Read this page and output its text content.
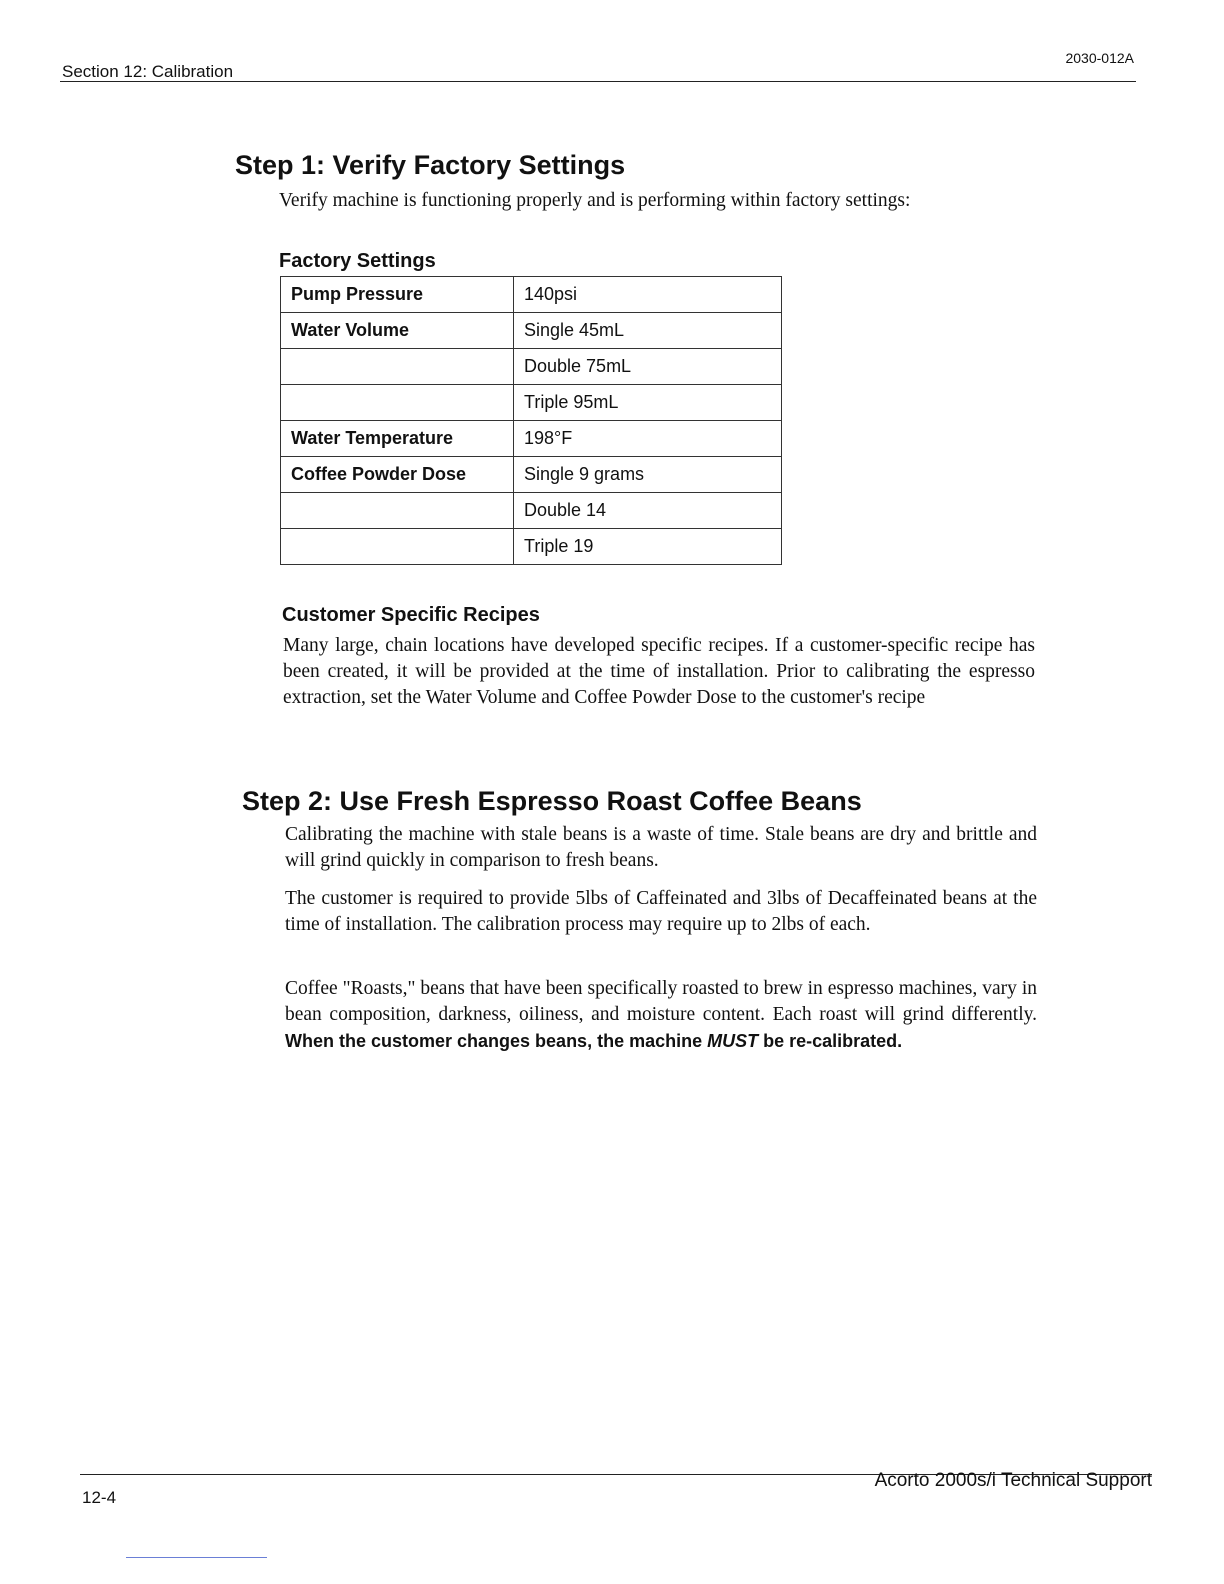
Section 12: Calibration
2030-012A
Step 1: Verify Factory Settings

Verify machine is functioning properly and is performing within factory settings:

Factory Settings

Pump Pressure	140psi
Water Volume	Single 45mL
	Double 75mL
	Triple 95mL
Water Temperature	198°F
Coffee Powder Dose	Single 9 grams
	Double 14
	Triple 19

Customer Specific Recipes

Many large, chain locations have developed specific recipes. If a customer-specific recipe has been created, it will be provided at the time of installation. Prior to calibrating the espresso extraction, set the Water Volume and Coffee Powder Dose to the customer's recipe

Step 2: Use Fresh Espresso Roast Coffee Beans

Calibrating the machine with stale beans is a waste of time. Stale beans are dry and brittle and will grind quickly in comparison to fresh beans.

The customer is required to provide 5lbs of Caffeinated and 3lbs of Decaffeinated beans at the time of installation. The calibration process may require up to 2lbs of each.

Coffee "Roasts," beans that have been specifically roasted to brew in espresso machines, vary in bean composition, darkness, oiliness, and moisture content. Each roast will grind differently. When the customer changes beans, the machine MUST be re-calibrated.

12-4
Acorto 2000s/i Technical Support
